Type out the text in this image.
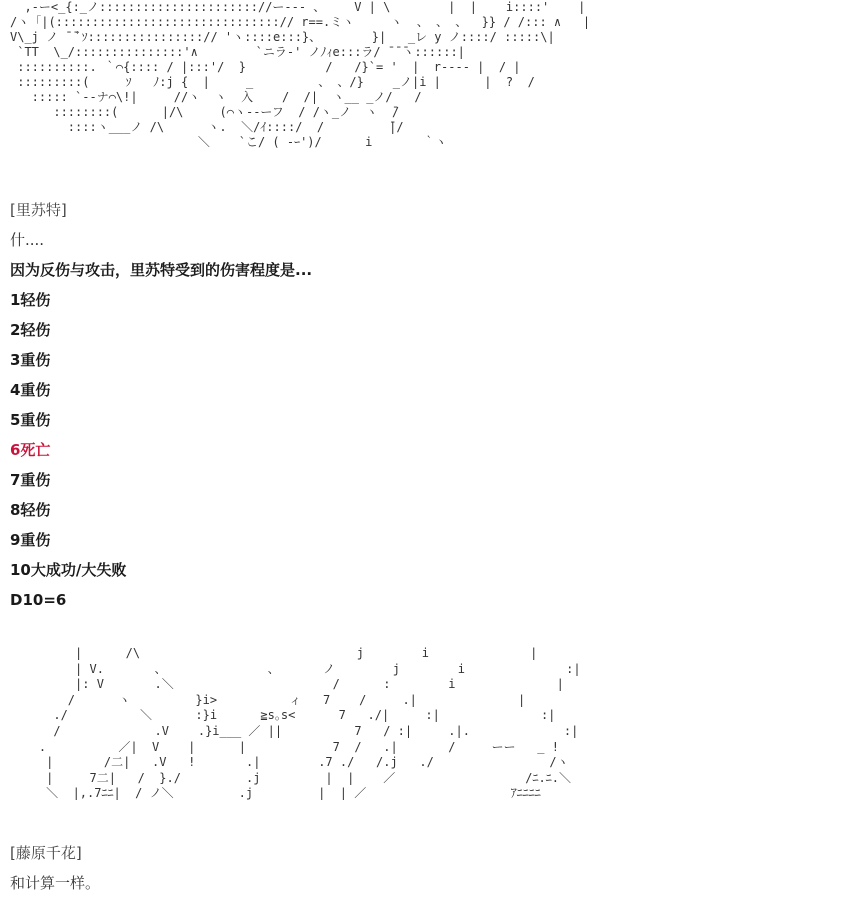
,-ー<_{:_ノ:::::::::::::::::::::://ー--- 、    V | \        |  |    i::::'    |
/ヽ「|(:::::::::::::::::::::::::::::::// r==.ミヽ     ヽ  、 、 、  }} / /::: ∧   |
V\_j ノ ̄ ̄ ﾞｿ::::::::::::::::// 'ヽ::::e:::}、       }|   _レ y ノ::::/ :::::\|
`TT  \_/:::::::::::::::'∧        `ニラ-' ノﾉｨe:::ラ/ ̄ ̄ ̄ヽ::::::|
::::::::::. ｀⌒{:::: / |:::'/  }           /   /}`= '  |  r---- |  / |
:::::::::(     ｿ   ﾉ:j {  |     _         、 、/}    _ノ|i |      |  ?  /
::::: `--ナ⌒\!|     //ヽ  ヽ  入    /  /|  ヽ__ _ノ/   /
::::::::(      |/\     (⌒ヽ--ーフ  / /ヽ_ノ  ヽ  ̄/
::::ヽ___ノ /\      ヽ.  ＼/ｲ::::/  /         ̄|/
＼    `こ/ ( -ｰ')/      i       ｀ヽ
[里苏特]
什....
因为反伤与攻击，里苏特受到的伤害程度是...
1轻伤
2轻伤
3重伤
4重伤
5重伤
6死亡
7重伤
8轻伤
9重伤
10大成功/大失败
D10=6
|      /\                              j        i              |
| V.       、              、      ノ        j        i              :|
|: V       .＼                      /      :        i              |
/      ヽ         }i>          ィ   7    /     .|              |
./          ＼      :}i      ≧s｡s<      7   ./|     :|              :|
/             .V    .}i___ ／ ||          7   / :|     .|.             :|
.          ／|  V    |      |            7  /   .|       /     ーー   _ !
|       /二|   .V   !       .|        .7 ./   /.j   ./                /ヽ
|     7二|   /  }./         .j         |  |    ／                  /ﾆ.ﾆ.＼
＼  |,.7ﾆﾆ|  / ノ＼         .j         |  | ／                    ｱﾆﾆﾆﾆ
[藤原千花]
和计算一样。
